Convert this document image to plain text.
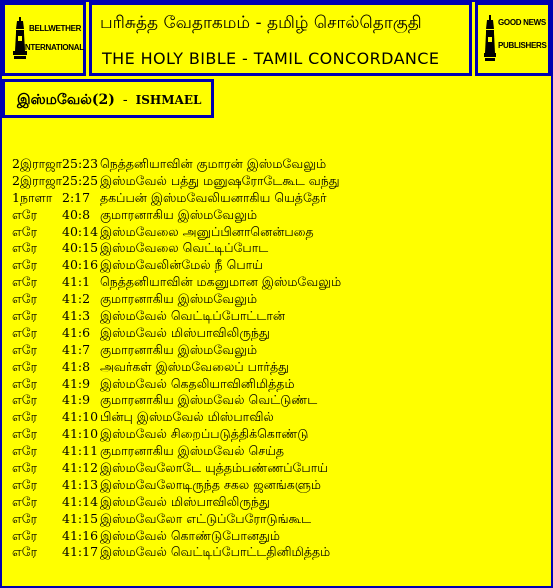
BELLWETHER
INTERNATIONAL
பரிசுத்த வேதாகமம் - தமிழ் சொல்தொகுதி
THE HOLY BIBLE - TAMIL CONCORDANCE
GOOD NEWS
PUBLISHERS
இஸ்மவேல்(2) - ISHMAEL
2இராஜா25:23 நெத்தனியாவின் குமாரன் இஸ்மவேலும்
2இராஜா25:25 இஸ்மவேல் பத்து மனுஷரோடேகூட வந்து
1நாளா 2:17 தகப்பன் இஸ்மவேலியனாகிய யெத்தேர்
எரே 40:8 குமாரனாகிய இஸ்மவேலும்
எரே 40:14 இஸ்மவேலை அனுப்பினானென்பதை
எரே 40:15 இஸ்மவேலை வெட்டிப்போட
எரே 40:16 இஸ்மவேலின்மேல் நீ பொய்
எரே 41:1 நெத்தனியாவின் மகனுமான இஸ்மவேலும்
எரே 41:2 குமாரனாகிய இஸ்மவேலும்
எரே 41:3 இஸ்மவேல் வெட்டிப்போட்டான்
எரே 41:6 இஸ்மவேல் மிஸ்பாவிலிருந்து
எரே 41:7 குமாரனாகிய இஸ்மவேலும்
எரே 41:8 அவர்கள் இஸ்மவேலைப் பார்த்து
எரே 41:9 இஸ்மவேல் கெதலியாவினிமித்தம்
எரே 41:9 குமாரனாகிய இஸ்மவேல் வெட்டுண்ட
எரே 41:10 பின்பு இஸ்மவேல் மிஸ்பாவில்
எரே 41:10 இஸ்மவேல் சிறைப்படுத்திக்கொண்டு
எரே 41:11 குமாரனாகிய இஸ்மவேல் செய்த
எரே 41:12 இஸ்மவேலோடே யுத்தம்பண்ணப்போய்
எரே 41:13 இஸ்மவேலோடிருந்த சகல ஜனங்களும்
எரே 41:14 இஸ்மவேல் மிஸ்பாவிலிருந்து
எரே 41:15 இஸ்மவேலோ எட்டுப்பேரோடுங்கூட
எரே 41:16 இஸ்மவேல் கொண்டுபோனதும்
எரே 41:17 இஸ்மவேல் வெட்டிப்போட்டதினிமித்தம்
